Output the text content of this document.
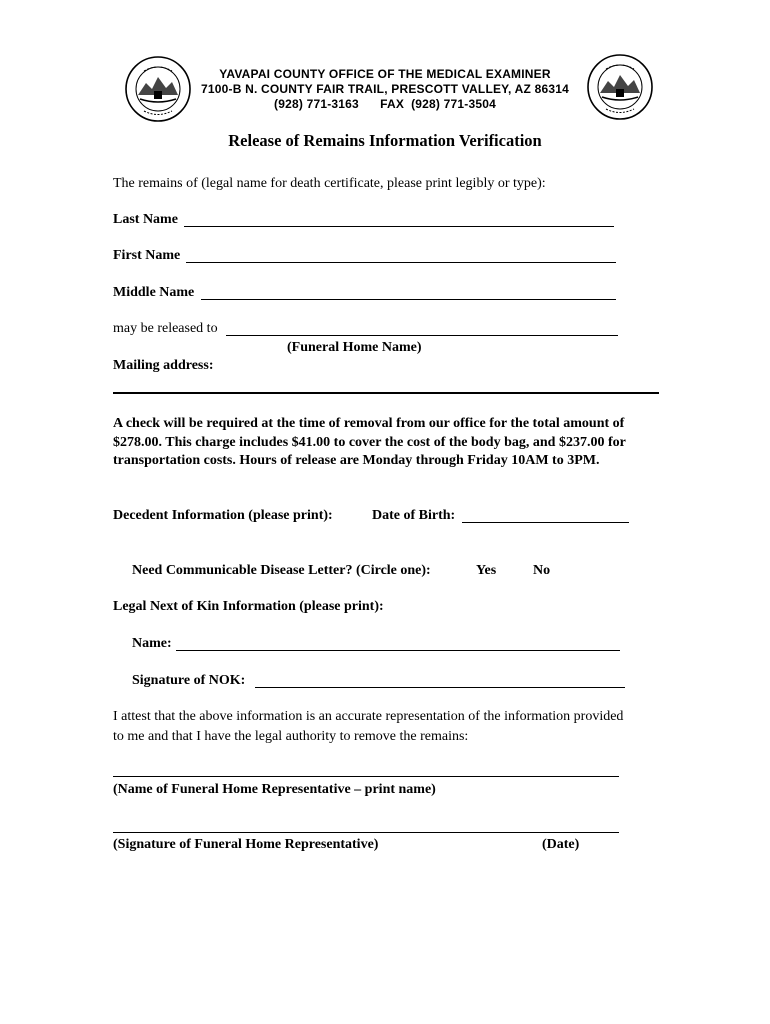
YAVAPAI COUNTY OFFICE OF THE MEDICAL EXAMINER
7100-B N. COUNTY FAIR TRAIL, PRESCOTT VALLEY, AZ 86314
(928) 771-3163      FAX  (928) 771-3504
Release of Remains Information Verification
The remains of (legal name for death certificate, please print legibly or type):
Last Name
First Name
Middle Name
may be released to
(Funeral Home Name)
Mailing address:
A check will be required at the time of removal from our office for the total amount of $278.00. This charge includes $41.00 to cover the cost of the body bag, and $237.00 for transportation costs. Hours of release are Monday through Friday 10AM to 3PM.
Decedent Information (please print):	Date of Birth:
Need Communicable Disease Letter? (Circle one):	Yes	No
Legal Next of Kin Information (please print):
Name:
Signature of NOK:
I attest that the above information is an accurate representation of the information provided to me and that I have the legal authority to remove the remains:
(Name of Funeral Home Representative – print name)
(Signature of Funeral Home Representative)	(Date)
